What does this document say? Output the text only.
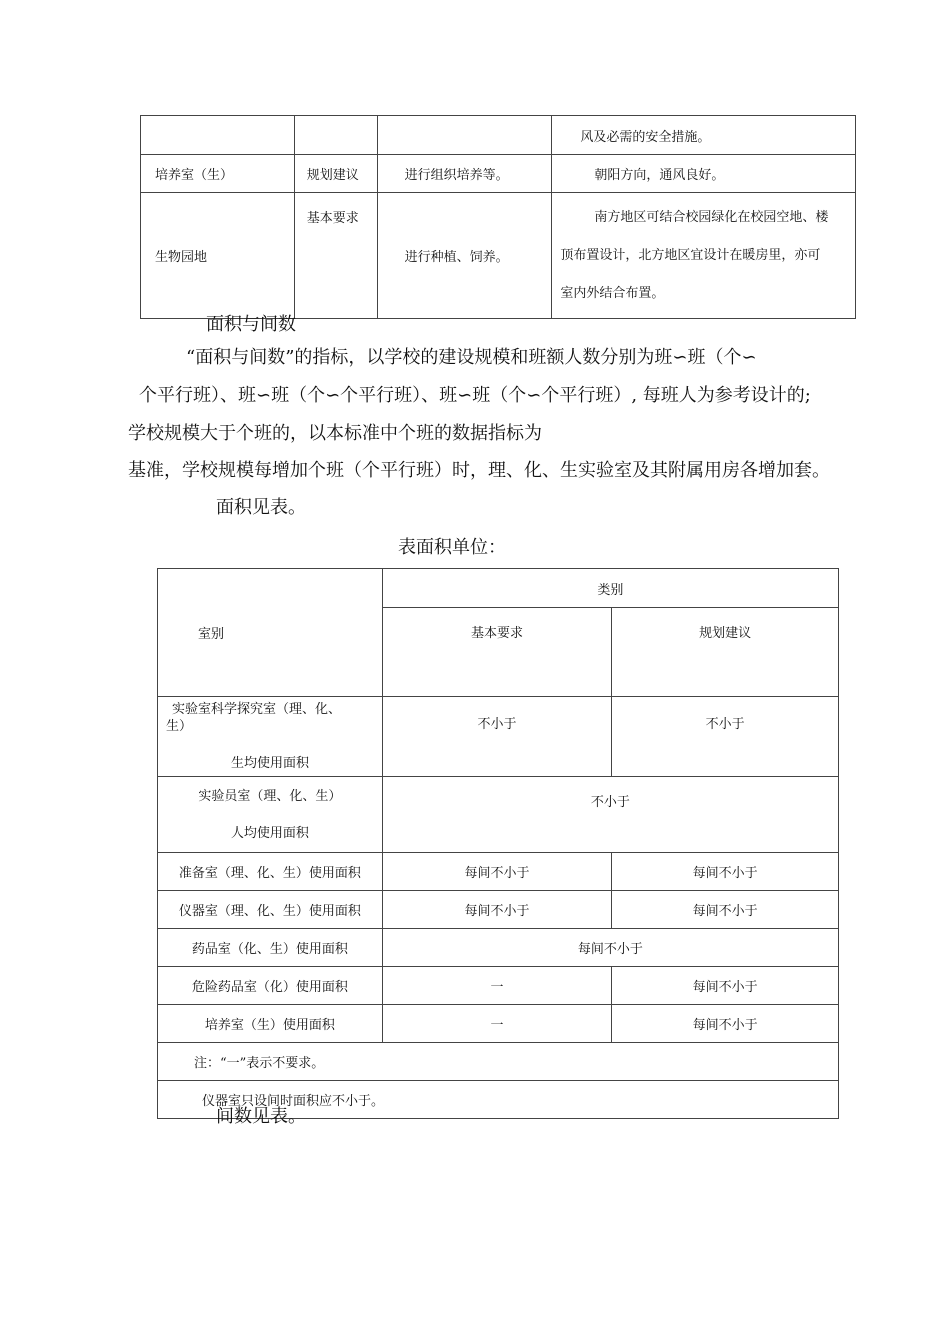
			风及必需的安全措施。
培养室（生）	规划建议	进行组织培养等。	朝阳方向，通风良好。
生物园地	基本要求	进行种植、饲养。	南方地区可结合校园绿化在校园空地、楼
顶布置设计，北方地区宜设计在暖房里，亦可
室内外结合布置。
面积与间数
“面积与间数”的指标，以学校的建设规模和班额人数分别为班∽班（个∽
个平行班）、班∽班（个∽个平行班）、班∽班（个∽个平行班）, 每班人为参考设计的;
学校规模大于个班的，以本标准中个班的数据指标为
基准，学校规模每增加个班（个平行班）时，理、化、生实验室及其附属用房各增加套。
面积见表。
表面积单位：
室别	类别	
	基本要求	规划建议

实验室科学探究室（理、化、
生）
生均使用面积	不小于	不小于

实验员室（理、化、生）
人均使用面积	不小于	
准备室（理、化、生）使用面积	每间不小于	每间不小于
仪器室（理、化、生）使用面积	每间不小于	每间不小于
药品室（化、生）使用面积	每间不小于	
危险药品室（化）使用面积	一	每间不小于
培养室（生）使用面积	一	每间不小于
注：“一”表示不要求。		
仪器室只设间时面积应不小于。		
间数见表。
